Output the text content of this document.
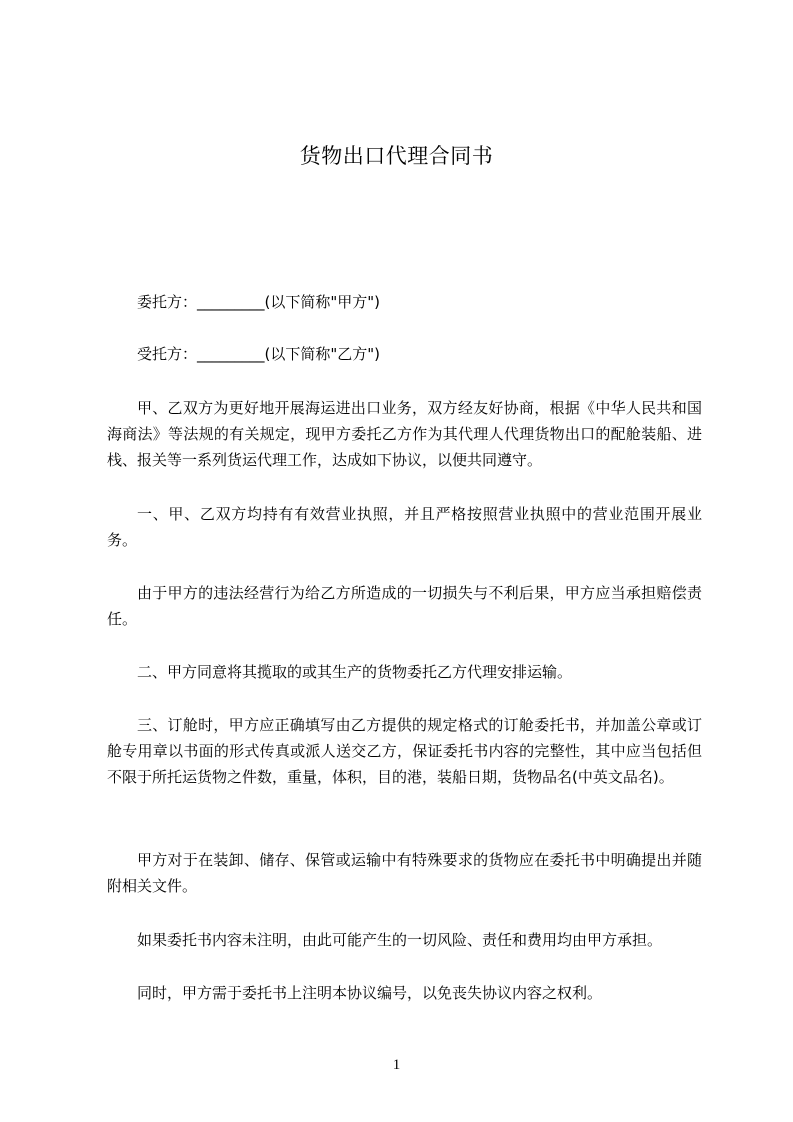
货物出口代理合同书

委托方：_________(以下简称"甲方")

受托方：_________(以下简称"乙方")

甲、乙双方为更好地开展海运进出口业务，双方经友好协商，根据《中华人民共和国海商法》等法规的有关规定，现甲方委托乙方作为其代理人代理货物出口的配舱装船、进栈、报关等一系列货运代理工作，达成如下协议，以便共同遵守。

一、甲、乙双方均持有有效营业执照，并且严格按照营业执照中的营业范围开展业务。

由于甲方的违法经营行为给乙方所造成的一切损失与不利后果，甲方应当承担赔偿责任。

二、甲方同意将其揽取的或其生产的货物委托乙方代理安排运输。

三、订舱时，甲方应正确填写由乙方提供的规定格式的订舱委托书，并加盖公章或订舱专用章以书面的形式传真或派人送交乙方，保证委托书内容的完整性，其中应当包括但不限于所托运货物之件数，重量，体积，目的港，装船日期，货物品名(中英文品名)。

甲方对于在装卸、储存、保管或运输中有特殊要求的货物应在委托书中明确提出并随附相关文件。

如果委托书内容未注明，由此可能产生的一切风险、责任和费用均由甲方承担。

同时，甲方需于委托书上注明本协议编号，以免丧失协议内容之权利。

1
